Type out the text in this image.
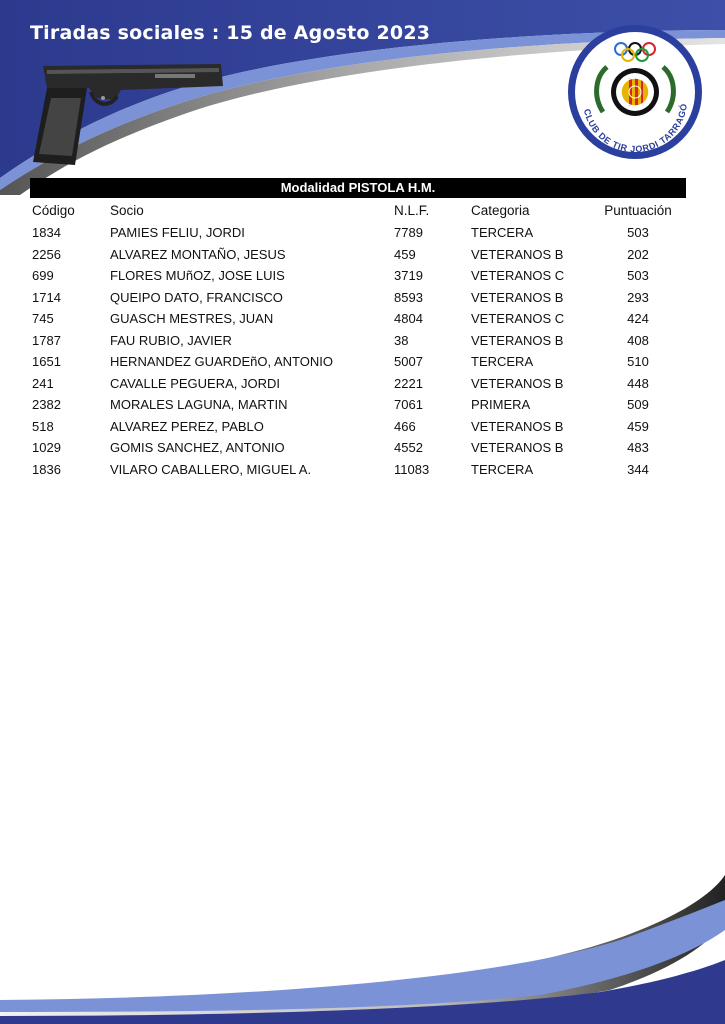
Tiradas sociales : 15 de Agosto 2023
CLUB DE TIR JORDI TARRAGÓ
Modalidad PISTOLA H.M.
Código	Socio	N.L.F.	Categoria	Puntuación
1834	PAMIES FELIU, JORDI	7789	TERCERA	503
2256	ALVAREZ MONTAÑO, JESUS	459	VETERANOS B	202
699	FLORES MUñOZ, JOSE LUIS	3719	VETERANOS C	503
1714	QUEIPO DATO, FRANCISCO	8593	VETERANOS B	293
745	GUASCH MESTRES, JUAN	4804	VETERANOS C	424
1787	FAU RUBIO, JAVIER	38	VETERANOS B	408
1651	HERNANDEZ GUARDEñO, ANTONIO	5007	TERCERA	510
241	CAVALLE PEGUERA, JORDI	2221	VETERANOS B	448
2382	MORALES LAGUNA, MARTIN	7061	PRIMERA	509
518	ALVAREZ PEREZ, PABLO	466	VETERANOS B	459
1029	GOMIS SANCHEZ, ANTONIO	4552	VETERANOS B	483
1836	VILARO CABALLERO, MIGUEL A.	11083	TERCERA	344
